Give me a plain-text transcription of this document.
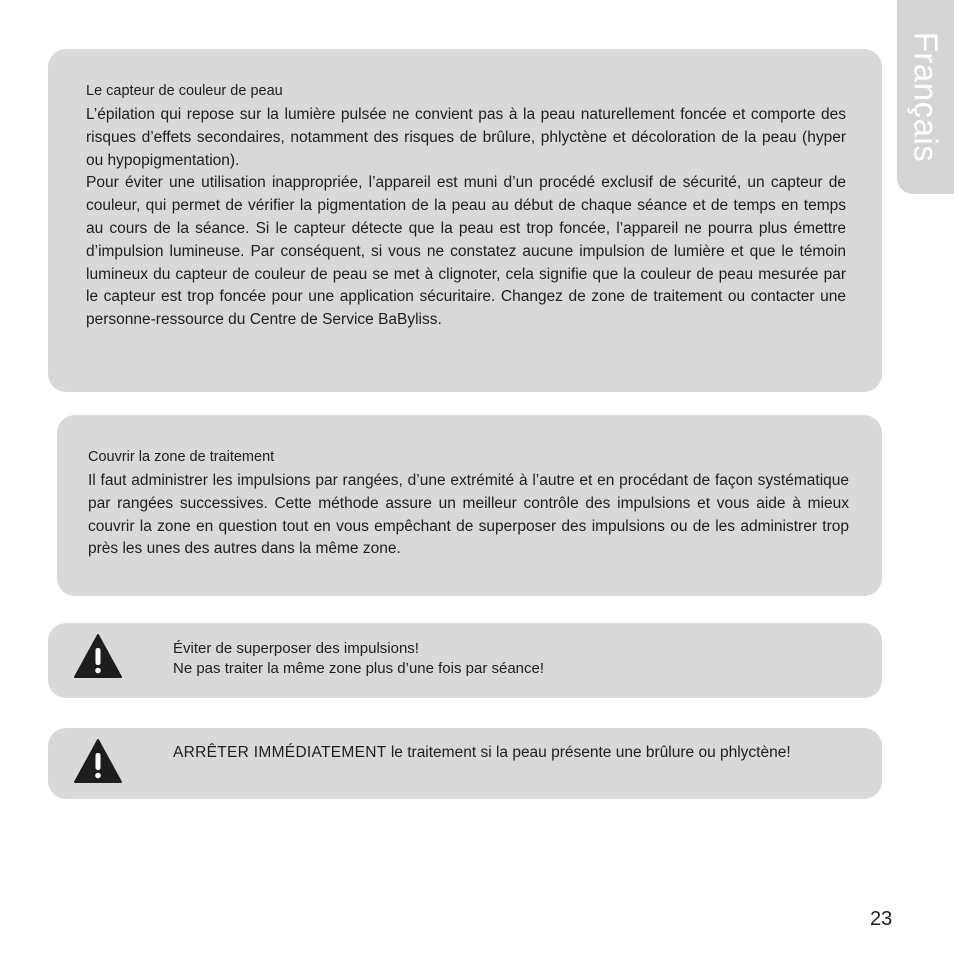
Français

Le capteur de couleur de peau

L’épilation qui repose sur la lumière pulsée ne convient pas à la peau naturellement foncée et comporte des risques d’effets secondaires, notamment des risques de brûlure, phlyctène et décoloration de la peau (hyper ou hypopigmentation).

Pour éviter une utilisation inappropriée, l’appareil est muni d’un procédé exclusif de sécurité, un capteur de couleur, qui permet de vérifier la pigmentation de la peau au début de chaque séance et de temps en temps au cours de la séance. Si le capteur détecte que la peau est trop foncée, l’appareil ne pourra plus émettre d’impulsion lumineuse. Par conséquent, si vous ne constatez aucune impulsion de lumière et que le témoin lumineux du capteur de couleur de peau se met à clignoter, cela signifie que la couleur de peau mesurée par le capteur est trop foncée pour une application sécuritaire. Changez de zone de traitement ou contacter une personne-ressource du Centre de Service BaByliss.

Couvrir la zone de traitement

Il faut administrer les impulsions par rangées, d’une extrémité à l’autre et en procédant de façon systématique par rangées successives. Cette méthode assure un meilleur contrôle des impulsions et vous aide à mieux couvrir la zone en question tout en vous empêchant de superposer des impulsions ou de les administrer trop près les unes des autres dans la même zone.

Éviter de superposer des impulsions!

Ne pas traiter la même zone plus d’une fois par séance!

ARRÊTER IMMÉDIATEMENT le traitement si la peau présente une brûlure ou phlyctène!

23
